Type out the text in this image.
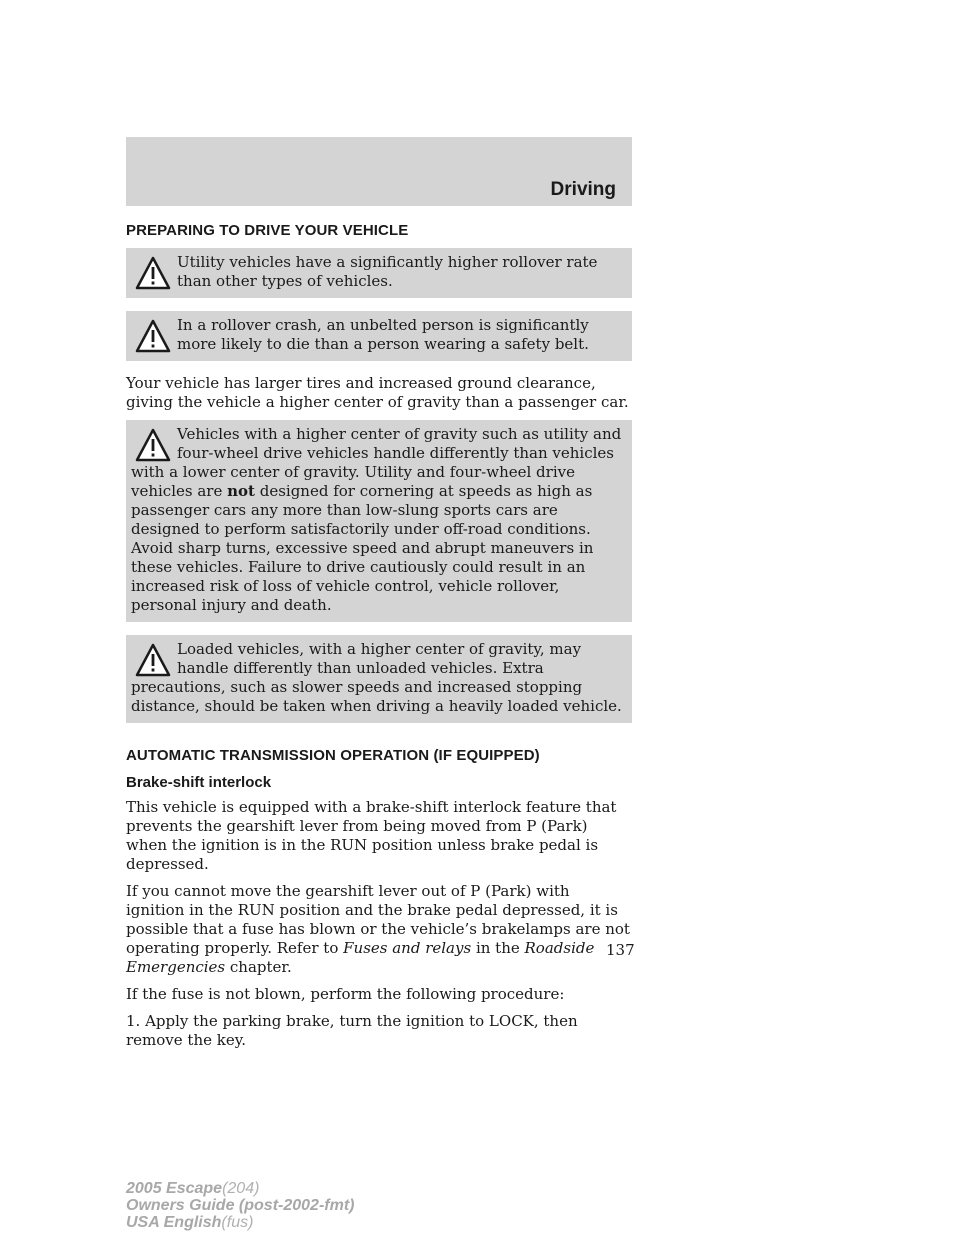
Driving
PREPARING TO DRIVE YOUR VEHICLE
Utility vehicles have a significantly higher rollover rate than other types of vehicles.
In a rollover crash, an unbelted person is significantly more likely to die than a person wearing a safety belt.

Your vehicle has larger tires and increased ground clearance, giving the vehicle a higher center of gravity than a passenger car.

Vehicles with a higher center of gravity such as utility and four-wheel drive vehicles handle differently than vehicles with a lower center of gravity. Utility and four-wheel drive vehicles are not designed for cornering at speeds as high as passenger cars any more than low-slung sports cars are designed to perform satisfactorily under off-road conditions. Avoid sharp turns, excessive speed and abrupt maneuvers in these vehicles. Failure to drive cautiously could result in an increased risk of loss of vehicle control, vehicle rollover, personal injury and death.
Loaded vehicles, with a higher center of gravity, may handle differently than unloaded vehicles. Extra precautions, such as slower speeds and increased stopping distance, should be taken when driving a heavily loaded vehicle.
AUTOMATIC TRANSMISSION OPERATION (IF EQUIPPED)
Brake-shift interlock

This vehicle is equipped with a brake-shift interlock feature that prevents the gearshift lever from being moved from P (Park) when the ignition is in the RUN position unless brake pedal is depressed.

If you cannot move the gearshift lever out of P (Park) with ignition in the RUN position and the brake pedal depressed, it is possible that a fuse has blown or the vehicle’s brakelamps are not operating properly. Refer to Fuses and relays in the Roadside Emergencies chapter.

If the fuse is not blown, perform the following procedure:

1. Apply the parking brake, turn the ignition to LOCK, then remove the key.

137
2005 Escape(204)
Owners Guide (post-2002-fmt)
USA English(fus)
